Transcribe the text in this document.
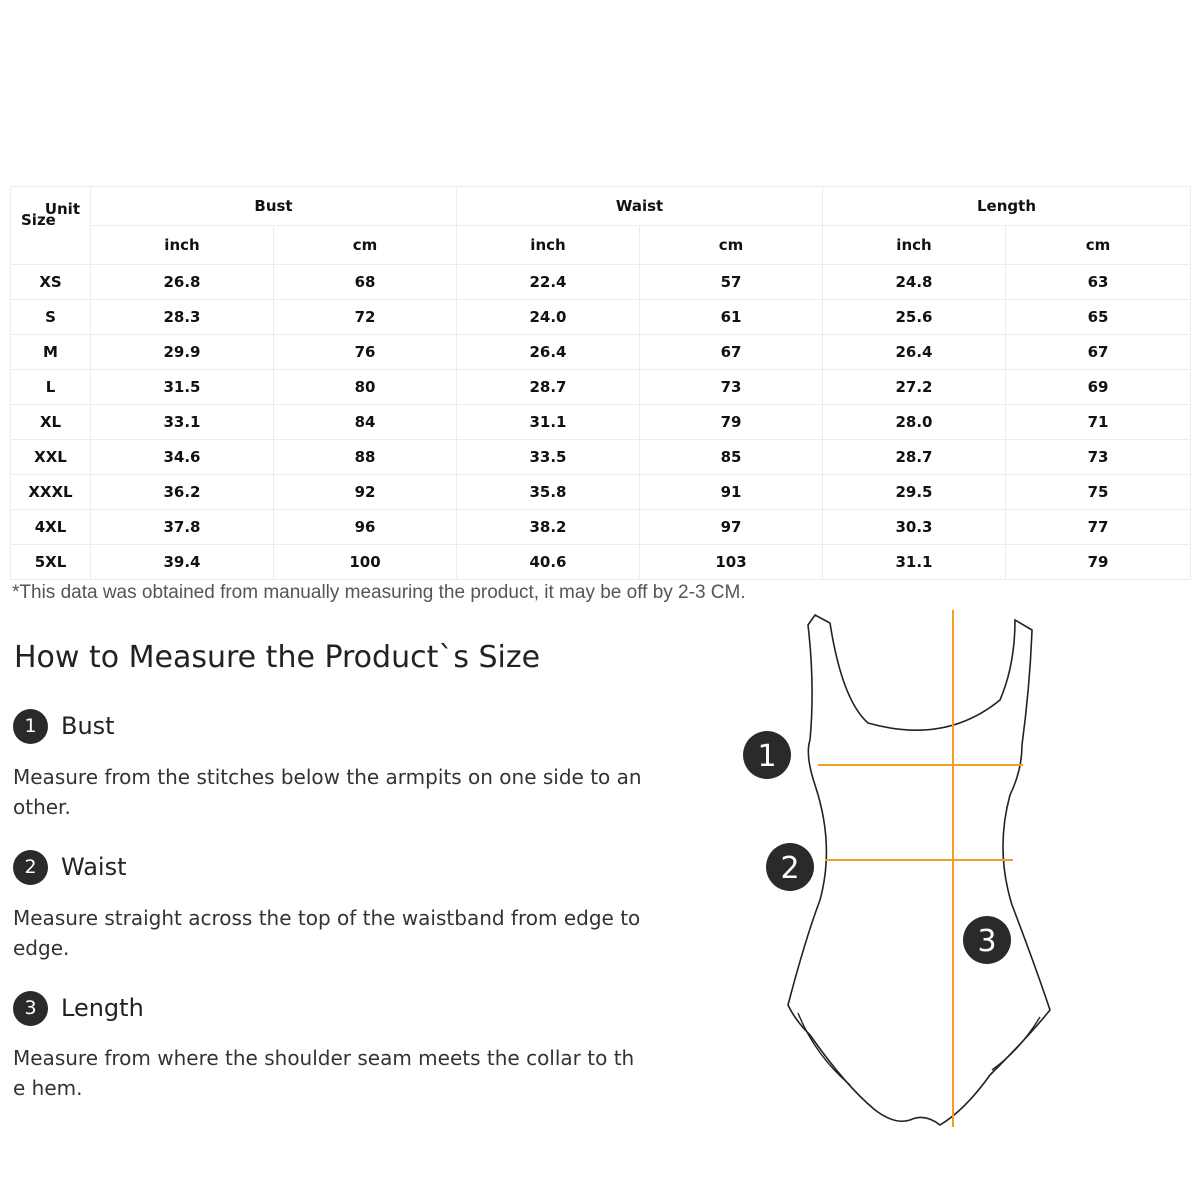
Unit
Size	Bust		Waist		Length	
	inch	cm	inch	cm	inch	cm
XS	26.8	68	22.4	57	24.8	63
S	28.3	72	24.0	61	25.6	65
M	29.9	76	26.4	67	26.4	67
L	31.5	80	28.7	73	27.2	69
XL	33.1	84	31.1	79	28.0	71
XXL	34.6	88	33.5	85	28.7	73
XXXL	36.2	92	35.8	91	29.5	75
4XL	37.8	96	38.2	97	30.3	77
5XL	39.4	100	40.6	103	31.1	79
*This data was obtained from manually measuring the product, it may be off by 2-3 CM.
How to Measure the Product`s Size
1	Bust
Measure from the stitches below the armpits on one side to another.
2	Waist
Measure straight across the top of the waistband from edge to edge.
3	Length
Measure from where the shoulder seam meets the collar to the hem.
1
2
3
